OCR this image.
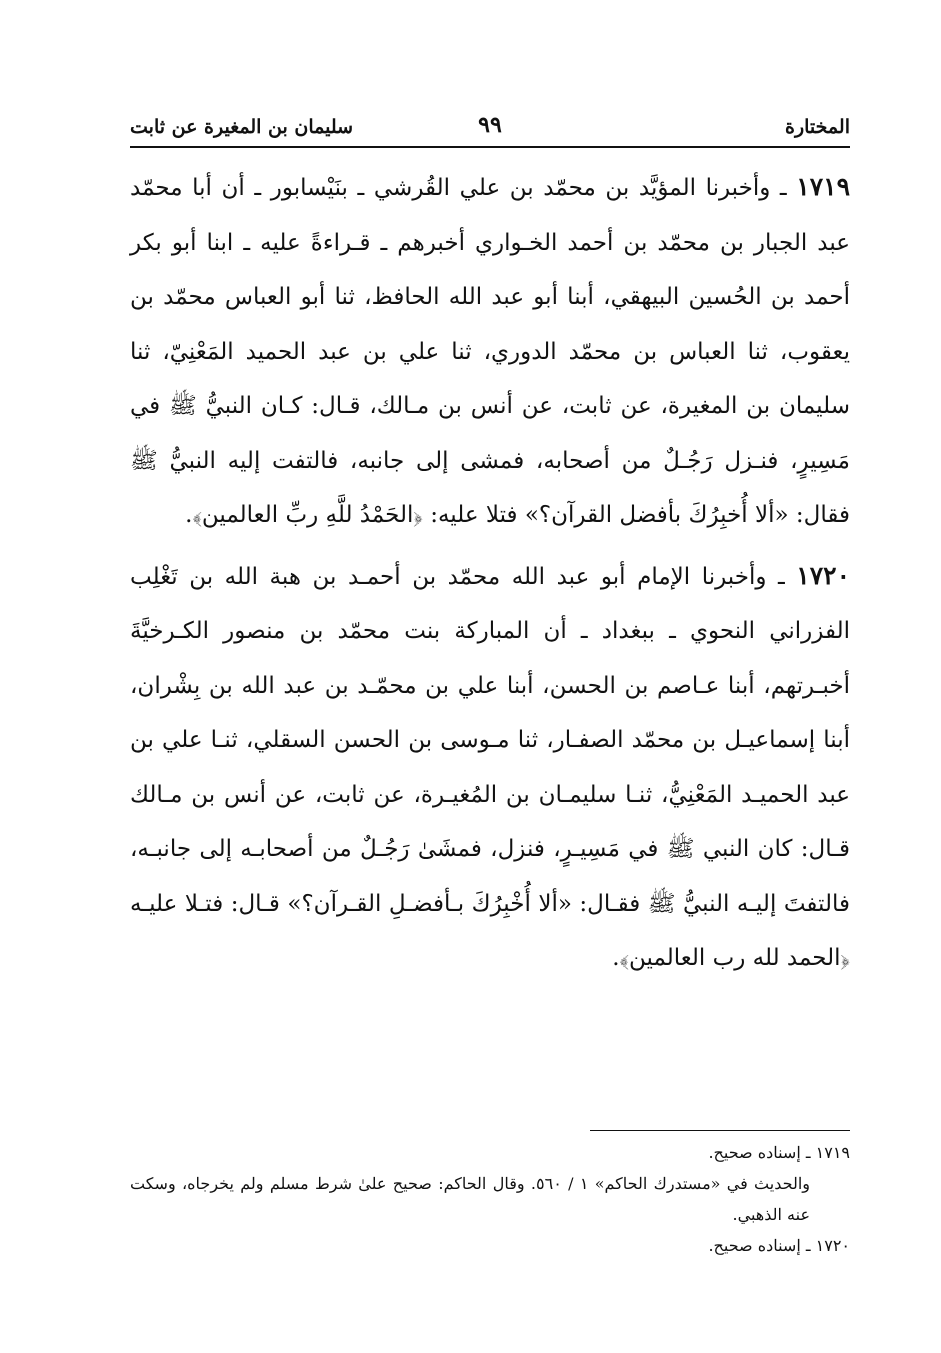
المختارة
٩٩
سليمان بن المغيرة عن ثابت

١٧١٩ ـ وأخبرنا المؤيَّد بن محمّد بن علي القُرشي ـ بنَيْسابور ـ أن أبا محمّد عبد الجبار بن محمّد بن أحمد الخـواري أخبرهم ـ قـراءةً عليه ـ ابنا أبو بكر أحمد بن الحُسين البيهقي، أبنا أبو عبد الله الحافظ، ثنا أبو العباس محمّد بن يعقوب، ثنا العباس بن محمّد الدوري، ثنا علي بن عبد الحميد المَعْنِيّ، ثنا سليمان بن المغيرة، عن ثابت، عن أنس بن مـالك، قـال: كـان النبيُّ ﷺ في مَسِيرٍ، فنـزل رَجُـلٌ من أصحابه، فمشى إلى جانبه، فالتفت إليه النبيُّ ﷺ فقال: «ألا أُخبِرُكَ بأفضل القرآن؟» فتلا عليه: ﴿الحَمْدُ للَّهِ ربِّ العالمين﴾.

١٧٢٠ ـ وأخبرنا الإمام أبو عبد الله محمّد بن أحمـد بن هبة الله بن تَغْلِب الفزراني النحوي ـ ببغداد ـ أن المباركة بنت محمّد بن منصور الكـرخيَّةَ أخبـرتهم، أبنا عـاصم بن الحسن، أبنا علي بن محمّـد بن عبد الله بن بِشْران، أبنا إسماعيـل بن محمّد الصفـار، ثنا مـوسى بن الحسن السقلي، ثنـا علي بن عبد الحميـد المَعْنِيُّ، ثنـا سليمـان بن المُغيـرة، عن ثابت، عن أنس بن مـالك قـال: كان النبي ﷺ في مَسِيـرٍ، فنزل، فمشَىٰ رَجُـلٌ من أصحابـه إلى جانبـه، فالتفتَ إليـه النبيُّ ﷺ فقـال: «ألا أُخْبِرُكَ بـأفضـلِ القـرآن؟» قـال: فتـلا عليـه ﴿الحمد لله رب العالمين﴾.

١٧١٩ ـ إسناده صحيح.

والحديث في «مستدرك الحاكم» ١ / ٥٦٠. وقال الحاكم: صحيح علىٰ شرط مسلم ولم يخرجاه، وسكت عنه الذهبي.

١٧٢٠ ـ إسناده صحيح.
